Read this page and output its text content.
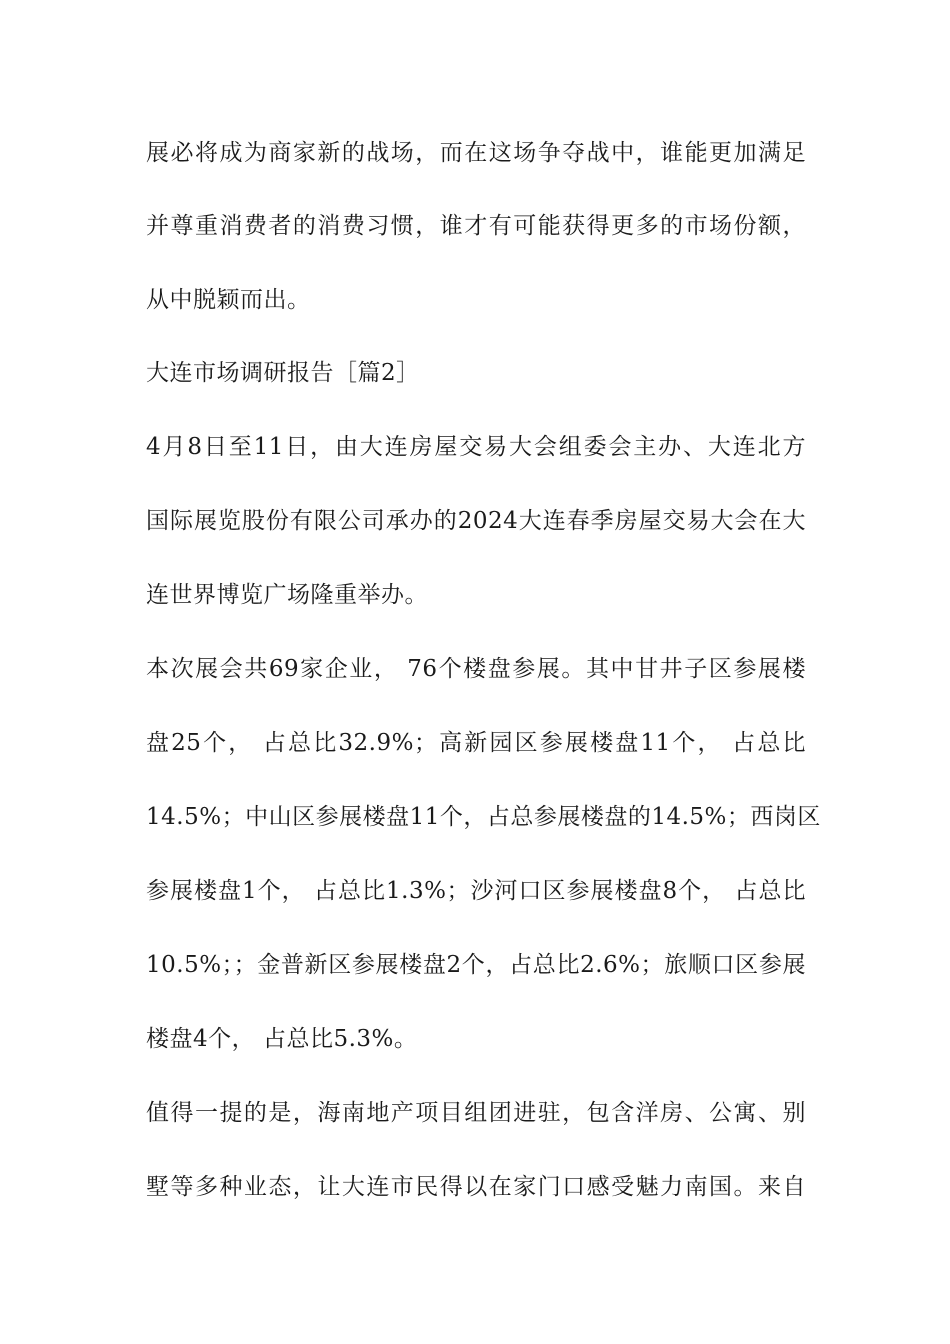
展必将成为商家新的战场，而在这场争夺战中，谁能更加满足
并尊重消费者的消费习惯，谁才有可能获得更多的市场份额，
从中脱颖而出。
大连市场调研报告［篇2］
4月8日至11日，由大连房屋交易大会组委会主办、大连北方
国际展览股份有限公司承办的2024大连春季房屋交易大会在大
连世界博览广场隆重举办。
本次展会共69家企业， 76个楼盘参展。其中甘井子区参展楼
盘25个， 占总比32.9%；高新园区参展楼盘11个， 占总比
14.5%；中山区参展楼盘11个，占总参展楼盘的14.5%；西岗区
参展楼盘1个， 占总比1.3%；沙河口区参展楼盘8个， 占总比
10.5%；；金普新区参展楼盘2个，占总比2.6%；旅顺口区参展
楼盘4个， 占总比5.3%。
值得一提的是，海南地产项目组团进驻，包含洋房、公寓、别
墅等多种业态，让大连市民得以在家门口感受魅力南国。来自
